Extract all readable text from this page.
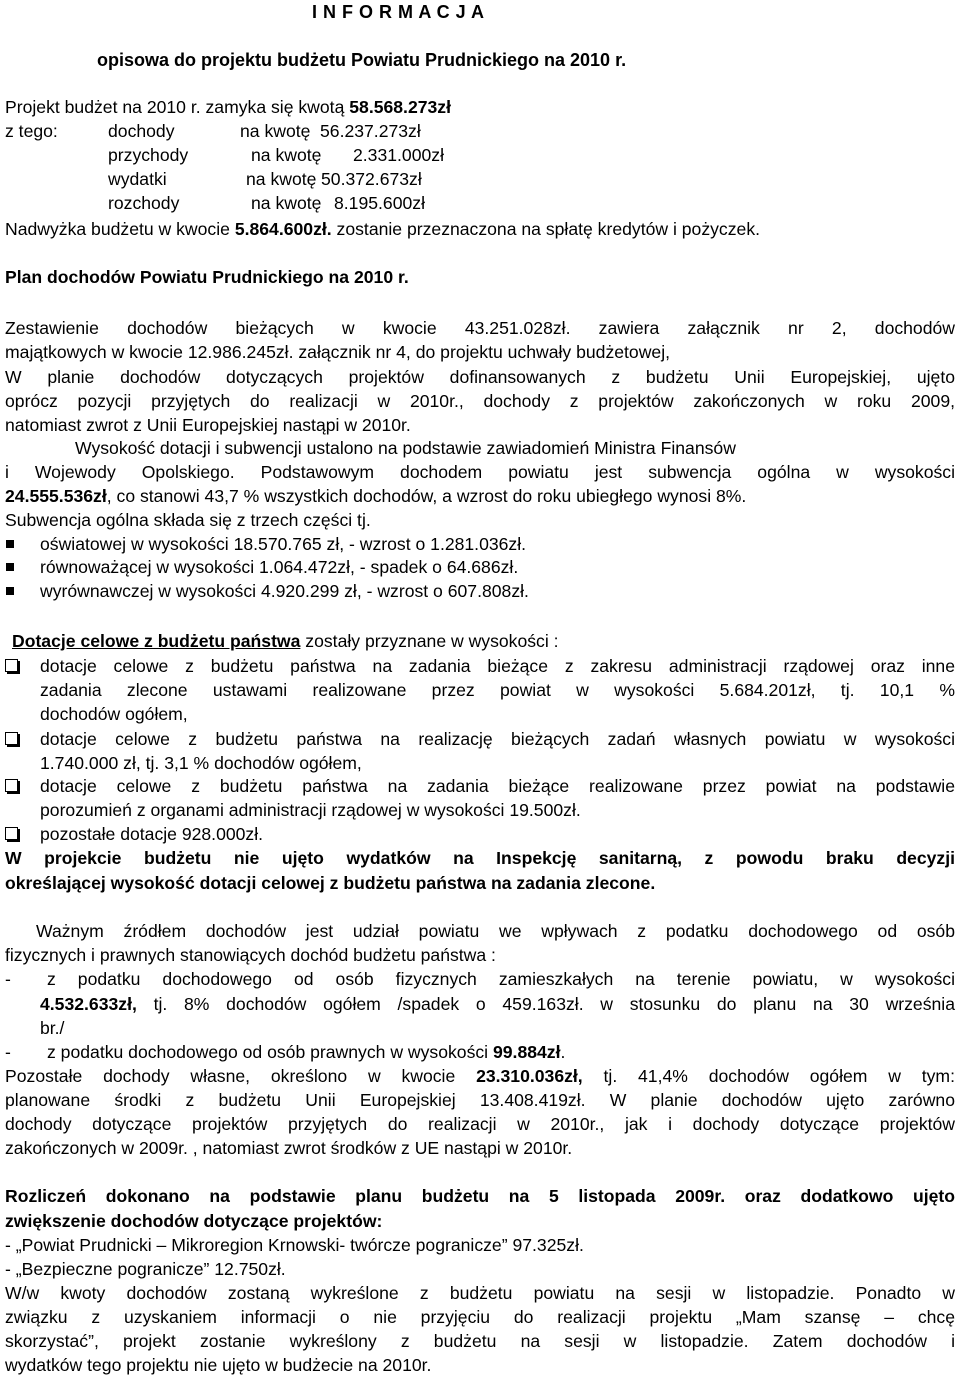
I N F O R M A C J A
opisowa do projektu budżetu Powiatu Prudnickiego na 2010 r.
Projekt budżet na 2010 r. zamyka się kwotą 58.568.273zł
z tego:	dochody	na kwotę 56.237.273zł
przychody	na kwotę 2.331.000zł
wydatki	na kwotę 50.372.673zł
rozchody	na kwotę 8.195.600zł
Nadwyżka budżetu w kwocie 5.864.600zł. zostanie przeznaczona na spłatę kredytów i pożyczek.
Plan dochodów Powiatu Prudnickiego na 2010 r.
Zestawienie dochodów bieżących w kwocie 43.251.028zł. zawiera załącznik nr 2, dochodów
majątkowych w kwocie 12.986.245zł. załącznik nr 4, do projektu uchwały budżetowej,
W planie dochodów dotyczących projektów dofinansowanych z budżetu Unii Europejskiej, ujęto
oprócz pozycji przyjętych do realizacji w 2010r., dochody z projektów zakończonych w roku 2009,
natomiast zwrot z Unii Europejskiej nastąpi w 2010r.
Wysokość dotacji i subwencji ustalono na podstawie zawiadomień Ministra Finansów
i Wojewody Opolskiego. Podstawowym dochodem powiatu jest subwencja ogólna w wysokości
24.555.536zł, co stanowi 43,7 % wszystkich dochodów, a wzrost do roku ubiegłego wynosi 8%.
Subwencja ogólna składa się z trzech części tj.
oświatowej w wysokości 18.570.765 zł, - wzrost o 1.281.036zł.
równoważącej w wysokości 1.064.472zł, - spadek o 64.686zł.
wyrównawczej w wysokości 4.920.299 zł, - wzrost o 607.808zł.
Dotacje celowe z budżetu państwa zostały przyznane w wysokości :
dotacje celowe z budżetu państwa na zadania bieżące z zakresu administracji rządowej oraz inne
zadania zlecone ustawami realizowane przez powiat w wysokości 5.684.201zł, tj. 10,1 %
dochodów ogółem,
dotacje celowe z budżetu państwa na realizację bieżących zadań własnych powiatu w wysokości
1.740.000 zł, tj. 3,1 % dochodów ogółem,
dotacje celowe z budżetu państwa na zadania bieżące realizowane przez powiat na podstawie
porozumień z organami administracji rządowej w wysokości 19.500zł.
pozostałe dotacje 928.000zł.
W projekcie budżetu nie ujęto wydatków na Inspekcję sanitarną, z powodu braku decyzji
określającej wysokość dotacji celowej z budżetu państwa na zadania zlecone.
Ważnym źródłem dochodów jest udział powiatu we wpływach z podatku dochodowego od osób
fizycznych i prawnych stanowiących dochód budżetu państwa :
- z podatku dochodowego od osób fizycznych zamieszkałych na terenie powiatu, w wysokości
4.532.633zł, tj. 8% dochodów ogółem /spadek o 459.163zł. w stosunku do planu na 30 września
br./
- z podatku dochodowego od osób prawnych w wysokości 99.884zł.
Pozostałe dochody własne, określono w kwocie 23.310.036zł, tj. 41,4% dochodów ogółem w tym:
planowane środki z budżetu Unii Europejskiej 13.408.419zł. W planie dochodów ujęto zarówno
dochody dotyczące projektów przyjętych do realizacji w 2010r., jak i dochody dotyczące projektów
zakończonych w 2009r. , natomiast zwrot środków z UE nastąpi w 2010r.
Rozliczeń dokonano na podstawie planu budżetu na 5 listopada 2009r. oraz dodatkowo ujęto
zwiększenie dochodów dotyczące projektów:
- „Powiat Prudnicki – Mikroregion Krnowski- twórcze pogranicze” 97.325zł.
- „Bezpieczne pogranicze” 12.750zł.
W/w kwoty dochodów zostaną wykreślone z budżetu powiatu na sesji w listopadzie. Ponadto w
związku z uzyskaniem informacji o nie przyjęciu do realizacji projektu „Mam szansę – chcę
skorzystać”, projekt zostanie wykreślony z budżetu na sesji w listopadzie. Zatem dochodów i
wydatków tego projektu nie ujęto w budżecie na 2010r.
